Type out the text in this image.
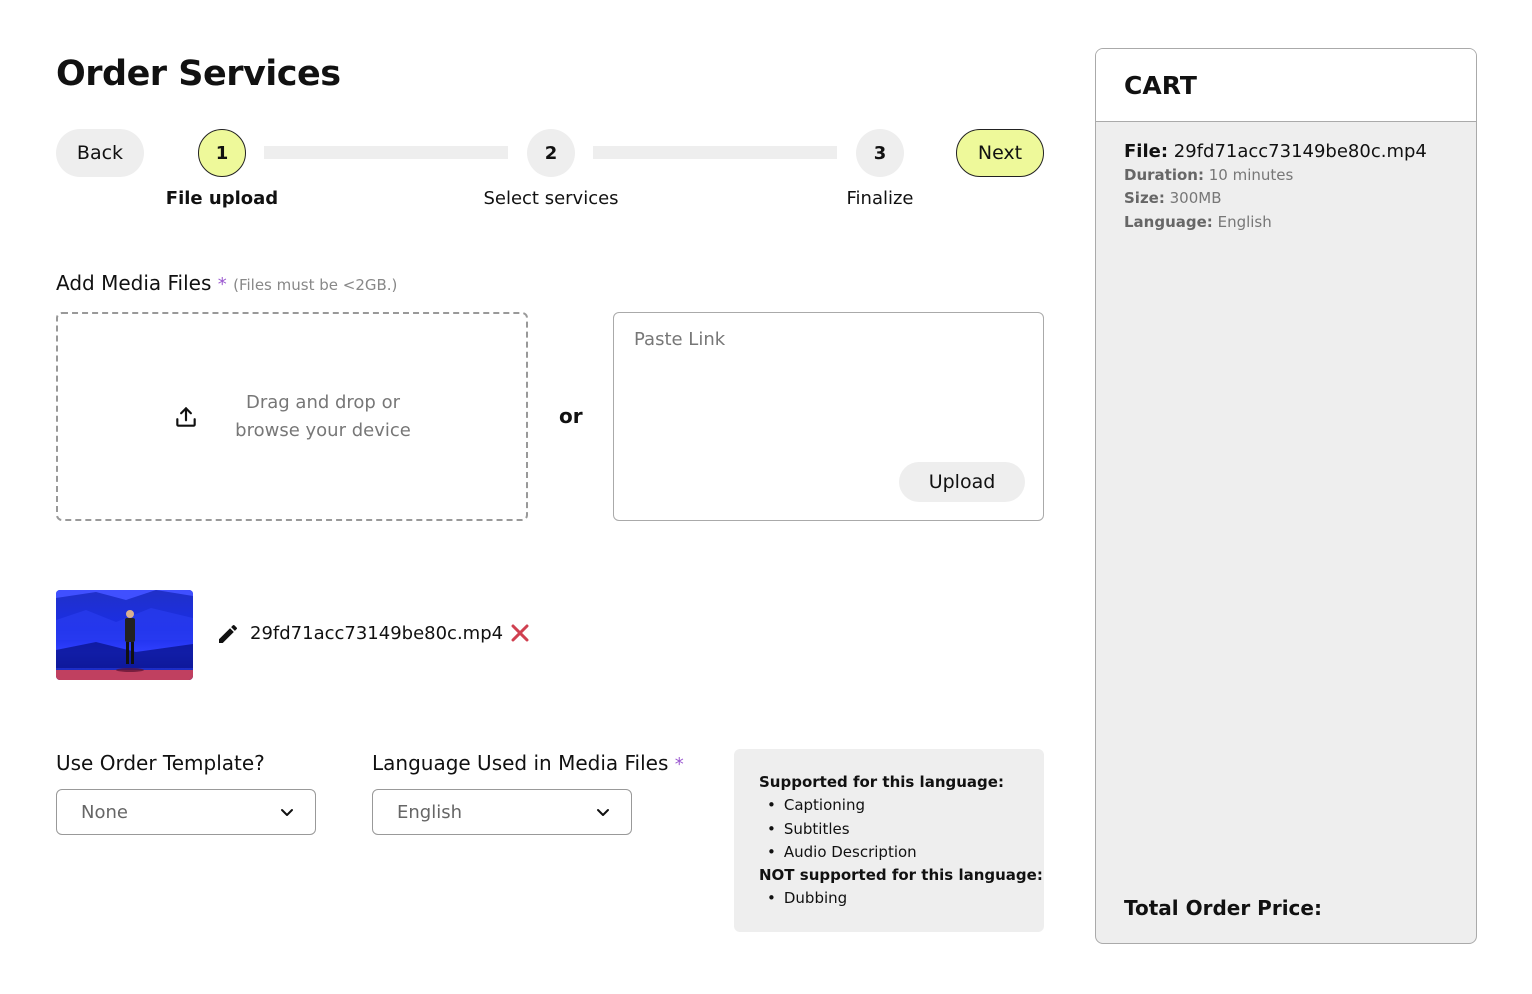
Order Services
Back	1	2	3
File upload	Select services	Finalize
Next
Add Media Files * (Files must be <2GB.)
Drag and drop or
browse your device
or
Paste Link
Upload
29fd71acc73149be80c.mp4
Use Order Template?
None
Language Used in Media Files *
English
Supported for this language:
• Captioning
• Subtitles
• Audio Description
NOT supported for this language:
• Dubbing
CART
File: 29fd71acc73149be80c.mp4
Duration: 10 minutes
Size: 300MB
Language: English
Total Order Price:
